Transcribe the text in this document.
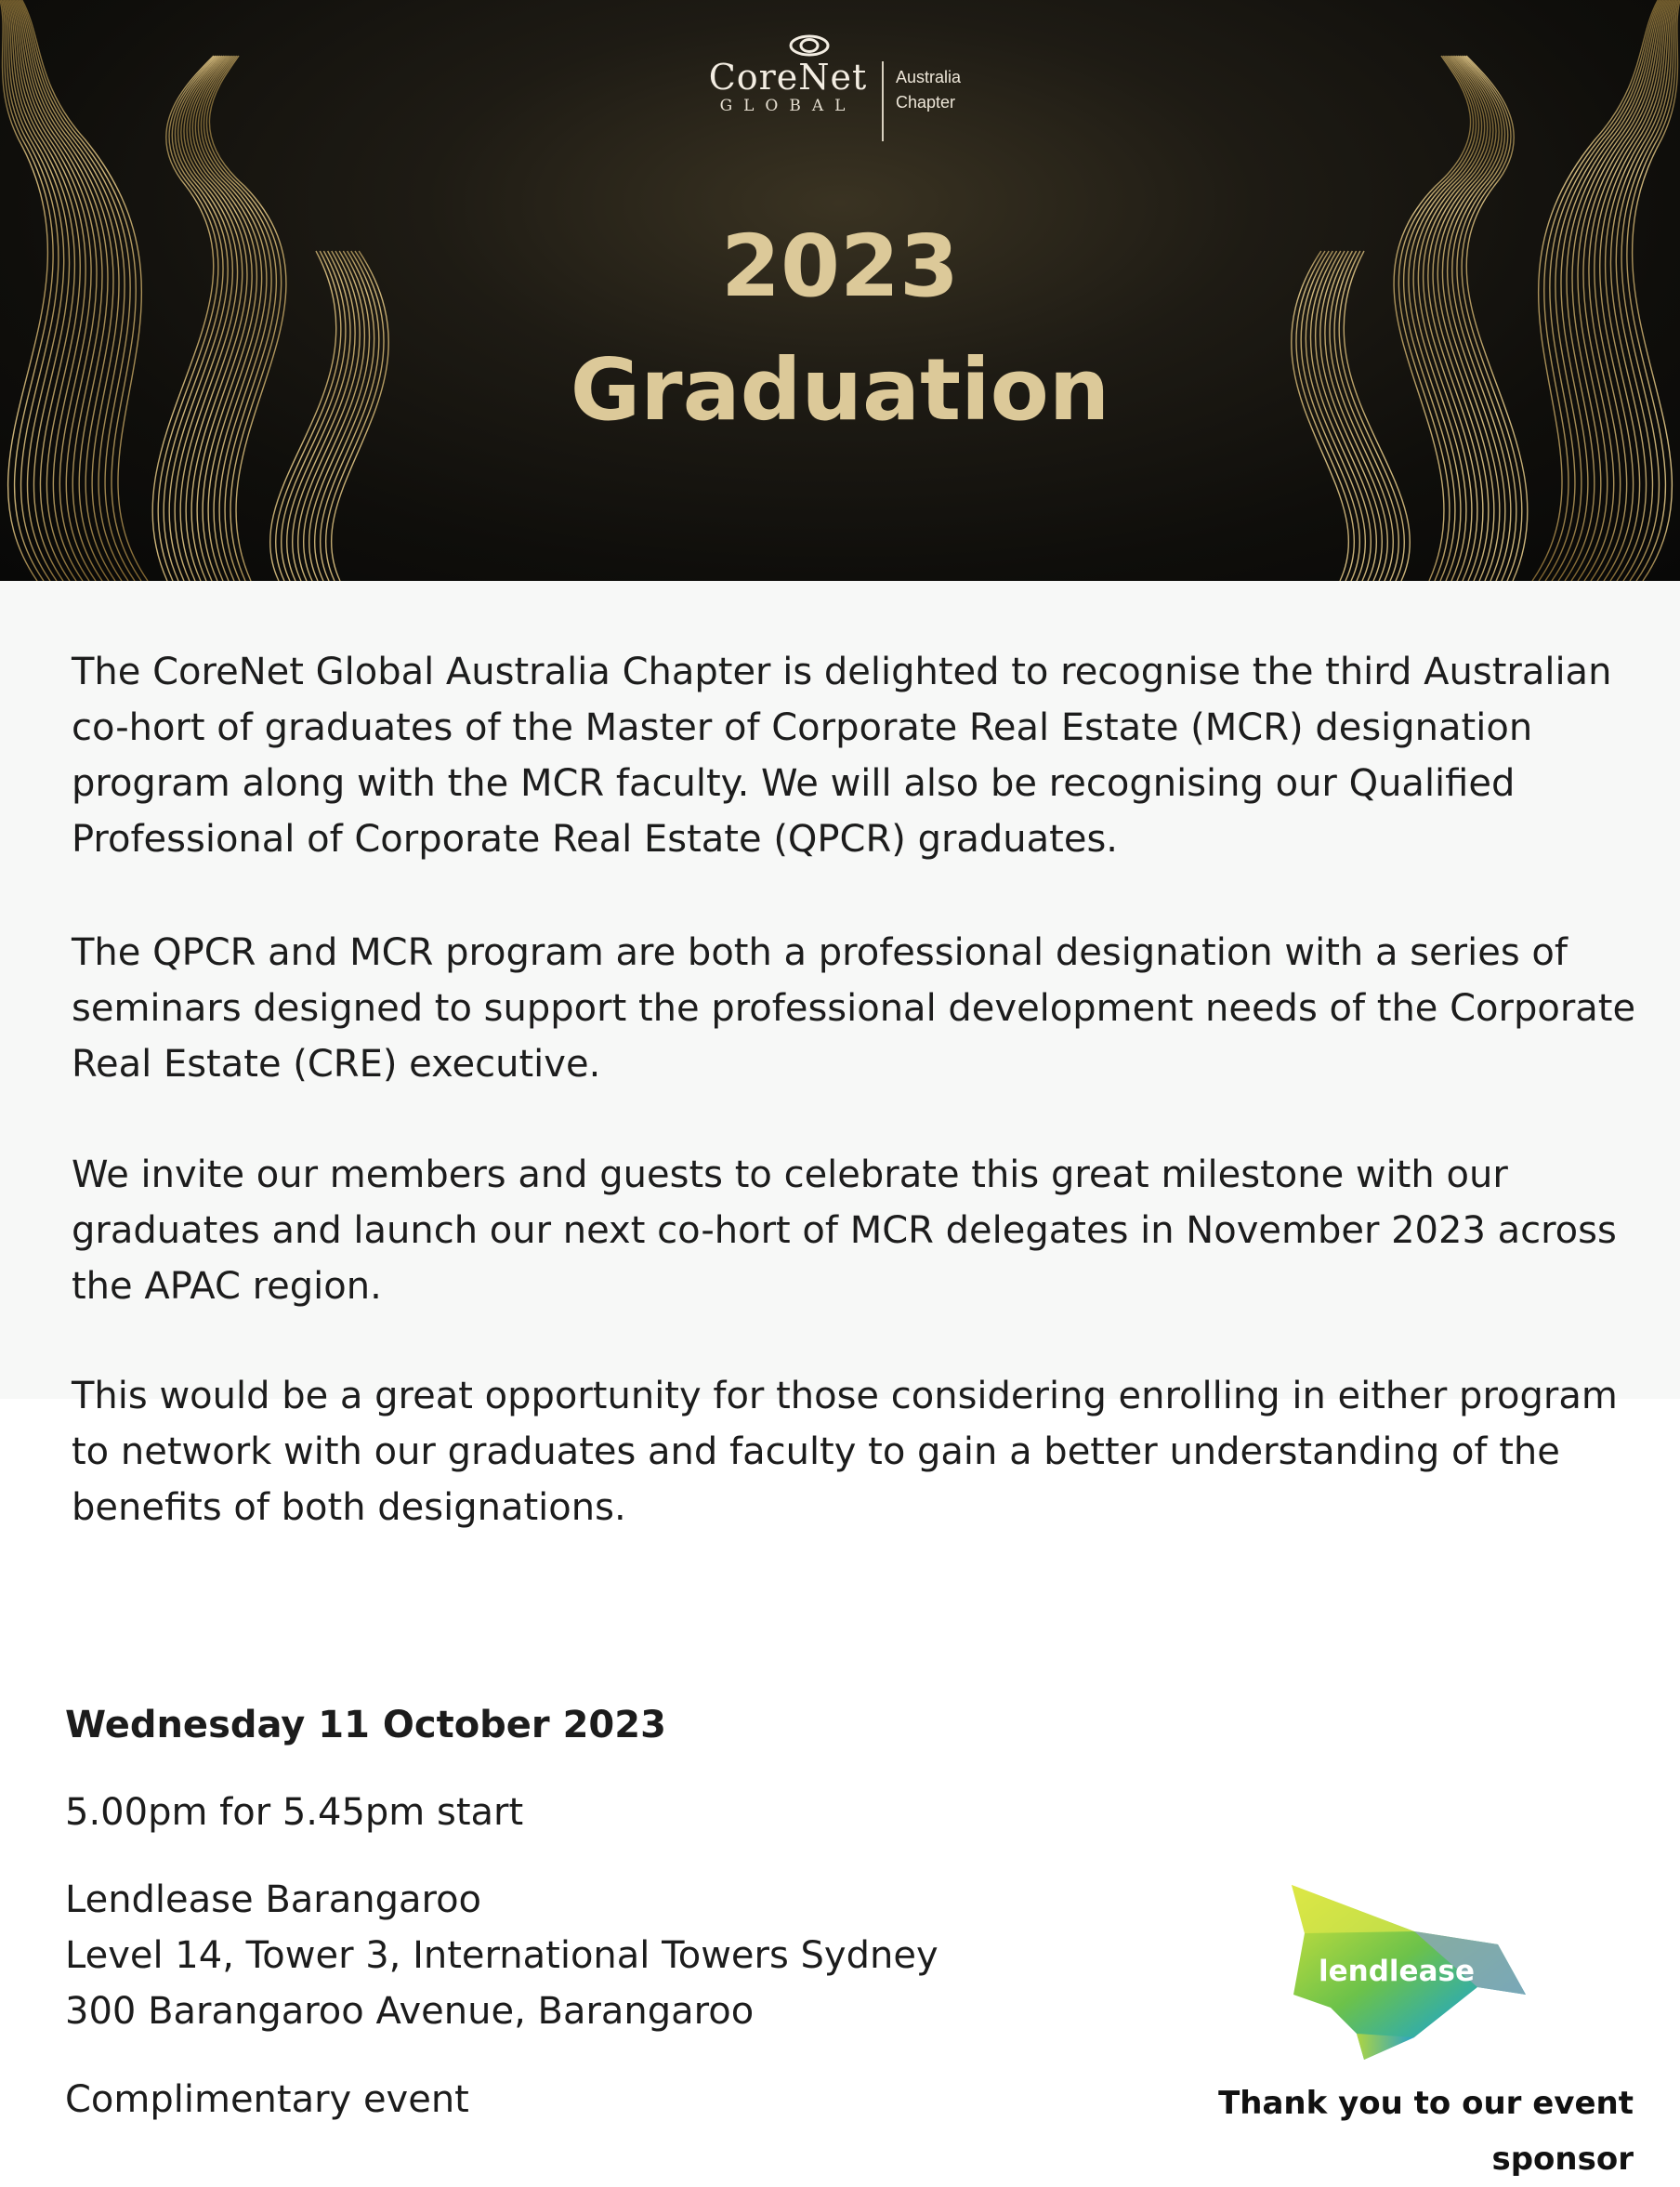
CoreNet
GLOBAL
Australia
Chapter
2023
Graduation

The CoreNet Global Australia Chapter is delighted to recognise the third Australian co-hort of graduates of the Master of Corporate Real Estate (MCR) designation program along with the MCR faculty. We will also be recognising our Qualified Professional of Corporate Real Estate (QPCR) graduates.

The QPCR and MCR program are both a professional designation with a series of seminars designed to support the professional development needs of the Corporate Real Estate (CRE) executive.

We invite our members and guests to celebrate this great milestone with our graduates and launch our next co-hort of MCR delegates in November 2023 across the APAC region.

This would be a great opportunity for those considering enrolling in either program to network with our graduates and faculty to gain a better understanding of the benefits of both designations.

Wednesday 11 October 2023

5.00pm for 5.45pm start

Lendlease Barangaroo
Level 14, Tower 3, International Towers Sydney
300 Barangaroo Avenue, Barangaroo

Complimentary event

lendlease
Thank you to our event sponsor
